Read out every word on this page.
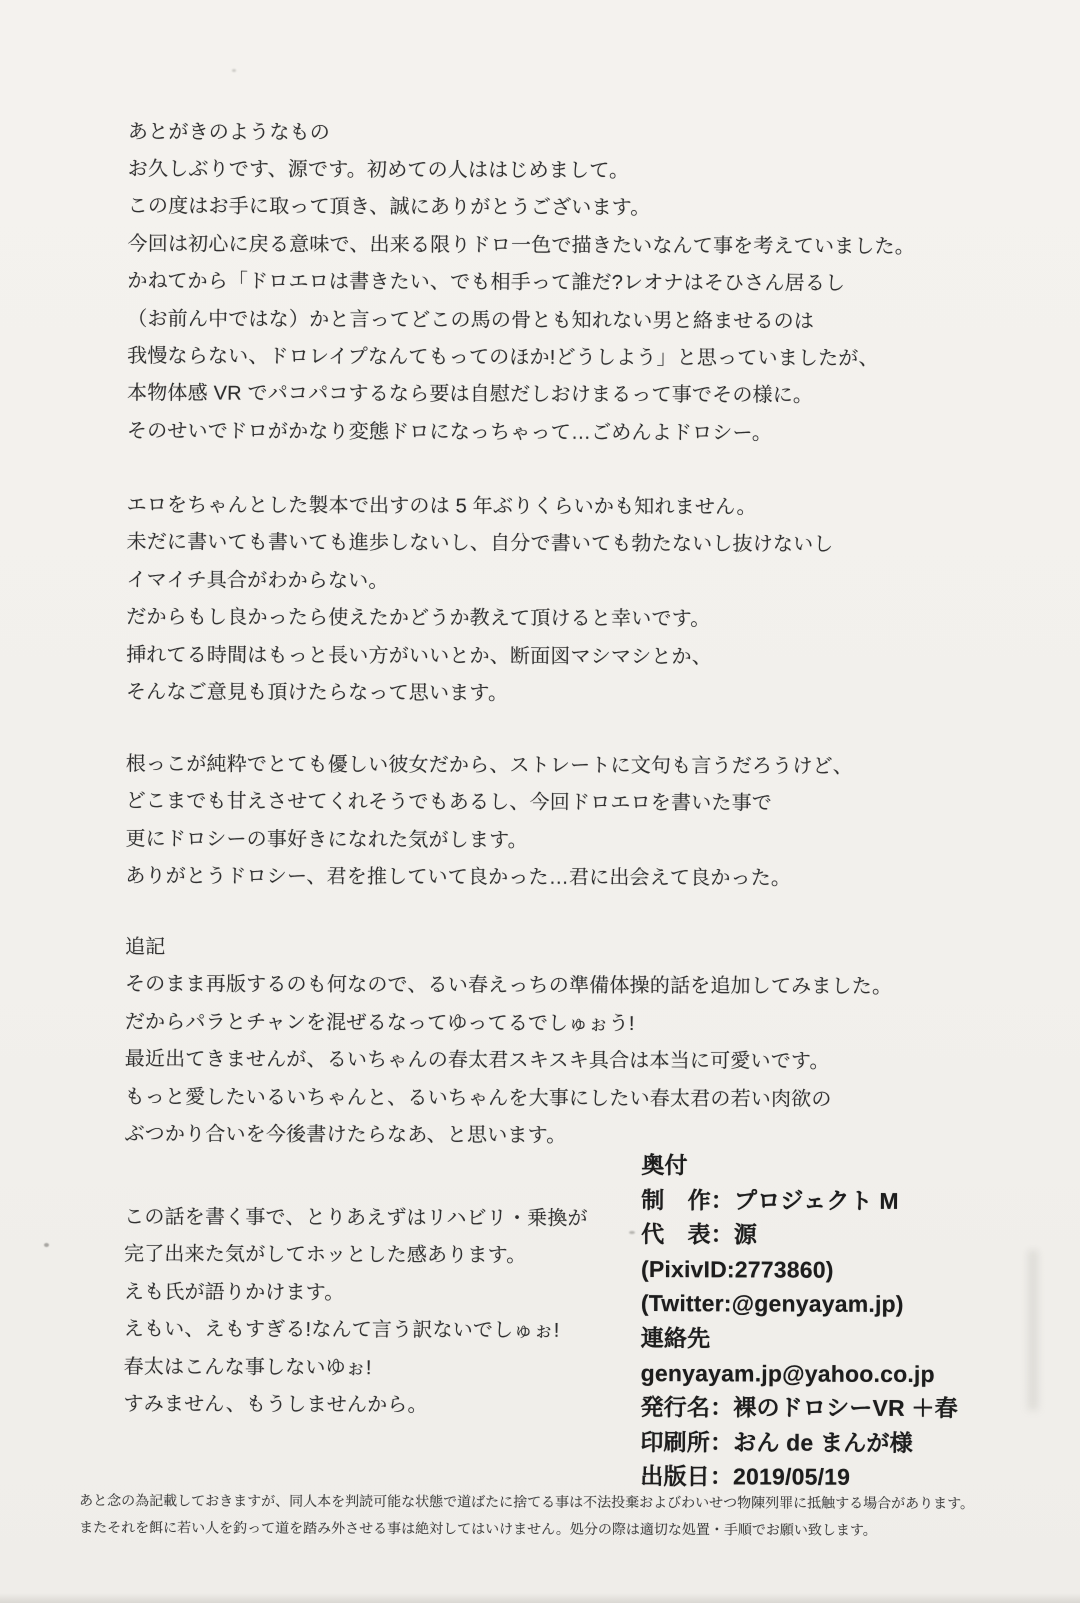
あとがきのようなもの
お久しぶりです、源です。初めての人ははじめまして。
この度はお手に取って頂き、誠にありがとうございます。
今回は初心に戻る意味で、出来る限りドロ一色で描きたいなんて事を考えていました。
かねてから「ドロエロは書きたい、でも相手って誰だ?レオナはそひさん居るし
（お前ん中ではな）かと言ってどこの馬の骨とも知れない男と絡ませるのは
我慢ならない、ドロレイプなんてもってのほか!どうしよう」と思っていましたが、
本物体感 VR でパコパコするなら要は自慰だしおけまるって事でその様に。
そのせいでドロがかなり変態ドロになっちゃって…ごめんよドロシー。
エロをちゃんとした製本で出すのは 5 年ぶりくらいかも知れません。
未だに書いても書いても進歩しないし、自分で書いても勃たないし抜けないし
イマイチ具合がわからない。
だからもし良かったら使えたかどうか教えて頂けると幸いです。
挿れてる時間はもっと長い方がいいとか、断面図マシマシとか、
そんなご意見も頂けたらなって思います。
根っこが純粋でとても優しい彼女だから、ストレートに文句も言うだろうけど、
どこまでも甘えさせてくれそうでもあるし、今回ドロエロを書いた事で
更にドロシーの事好きになれた気がします。
ありがとうドロシー、君を推していて良かった…君に出会えて良かった。
追記
そのまま再版するのも何なので、るい春えっちの準備体操的話を追加してみました。
だからパラとチャンを混ぜるなってゆってるでしゅぉう!
最近出てきませんが、るいちゃんの春太君スキスキ具合は本当に可愛いです。
もっと愛したいるいちゃんと、るいちゃんを大事にしたい春太君の若い肉欲の
ぶつかり合いを今後書けたらなあ、と思います。
この話を書く事で、とりあえずはリハビリ・乗換が
完了出来た気がしてホッとした感あります。
えも氏が語りかけます。
えもい、えもすぎる!なんて言う訳ないでしゅぉ!
春太はこんな事しないゆぉ!
すみません、もうしませんから。
奥付
制　作：プロジェクト M
代　表：源
(PixivID:2773860)
(Twitter:@genyayam.jp)
連絡先
genyayam.jp@yahoo.co.jp
発行名：裸のドロシーVR ＋春
印刷所：おん de まんが様
出版日：2019/05/19
あと念の為記載しておきますが、同人本を判読可能な状態で道ばたに捨てる事は不法投棄およびわいせつ物陳列罪に抵触する場合があります。
またそれを餌に若い人を釣って道を踏み外させる事は絶対してはいけません。処分の際は適切な処置・手順でお願い致します。
